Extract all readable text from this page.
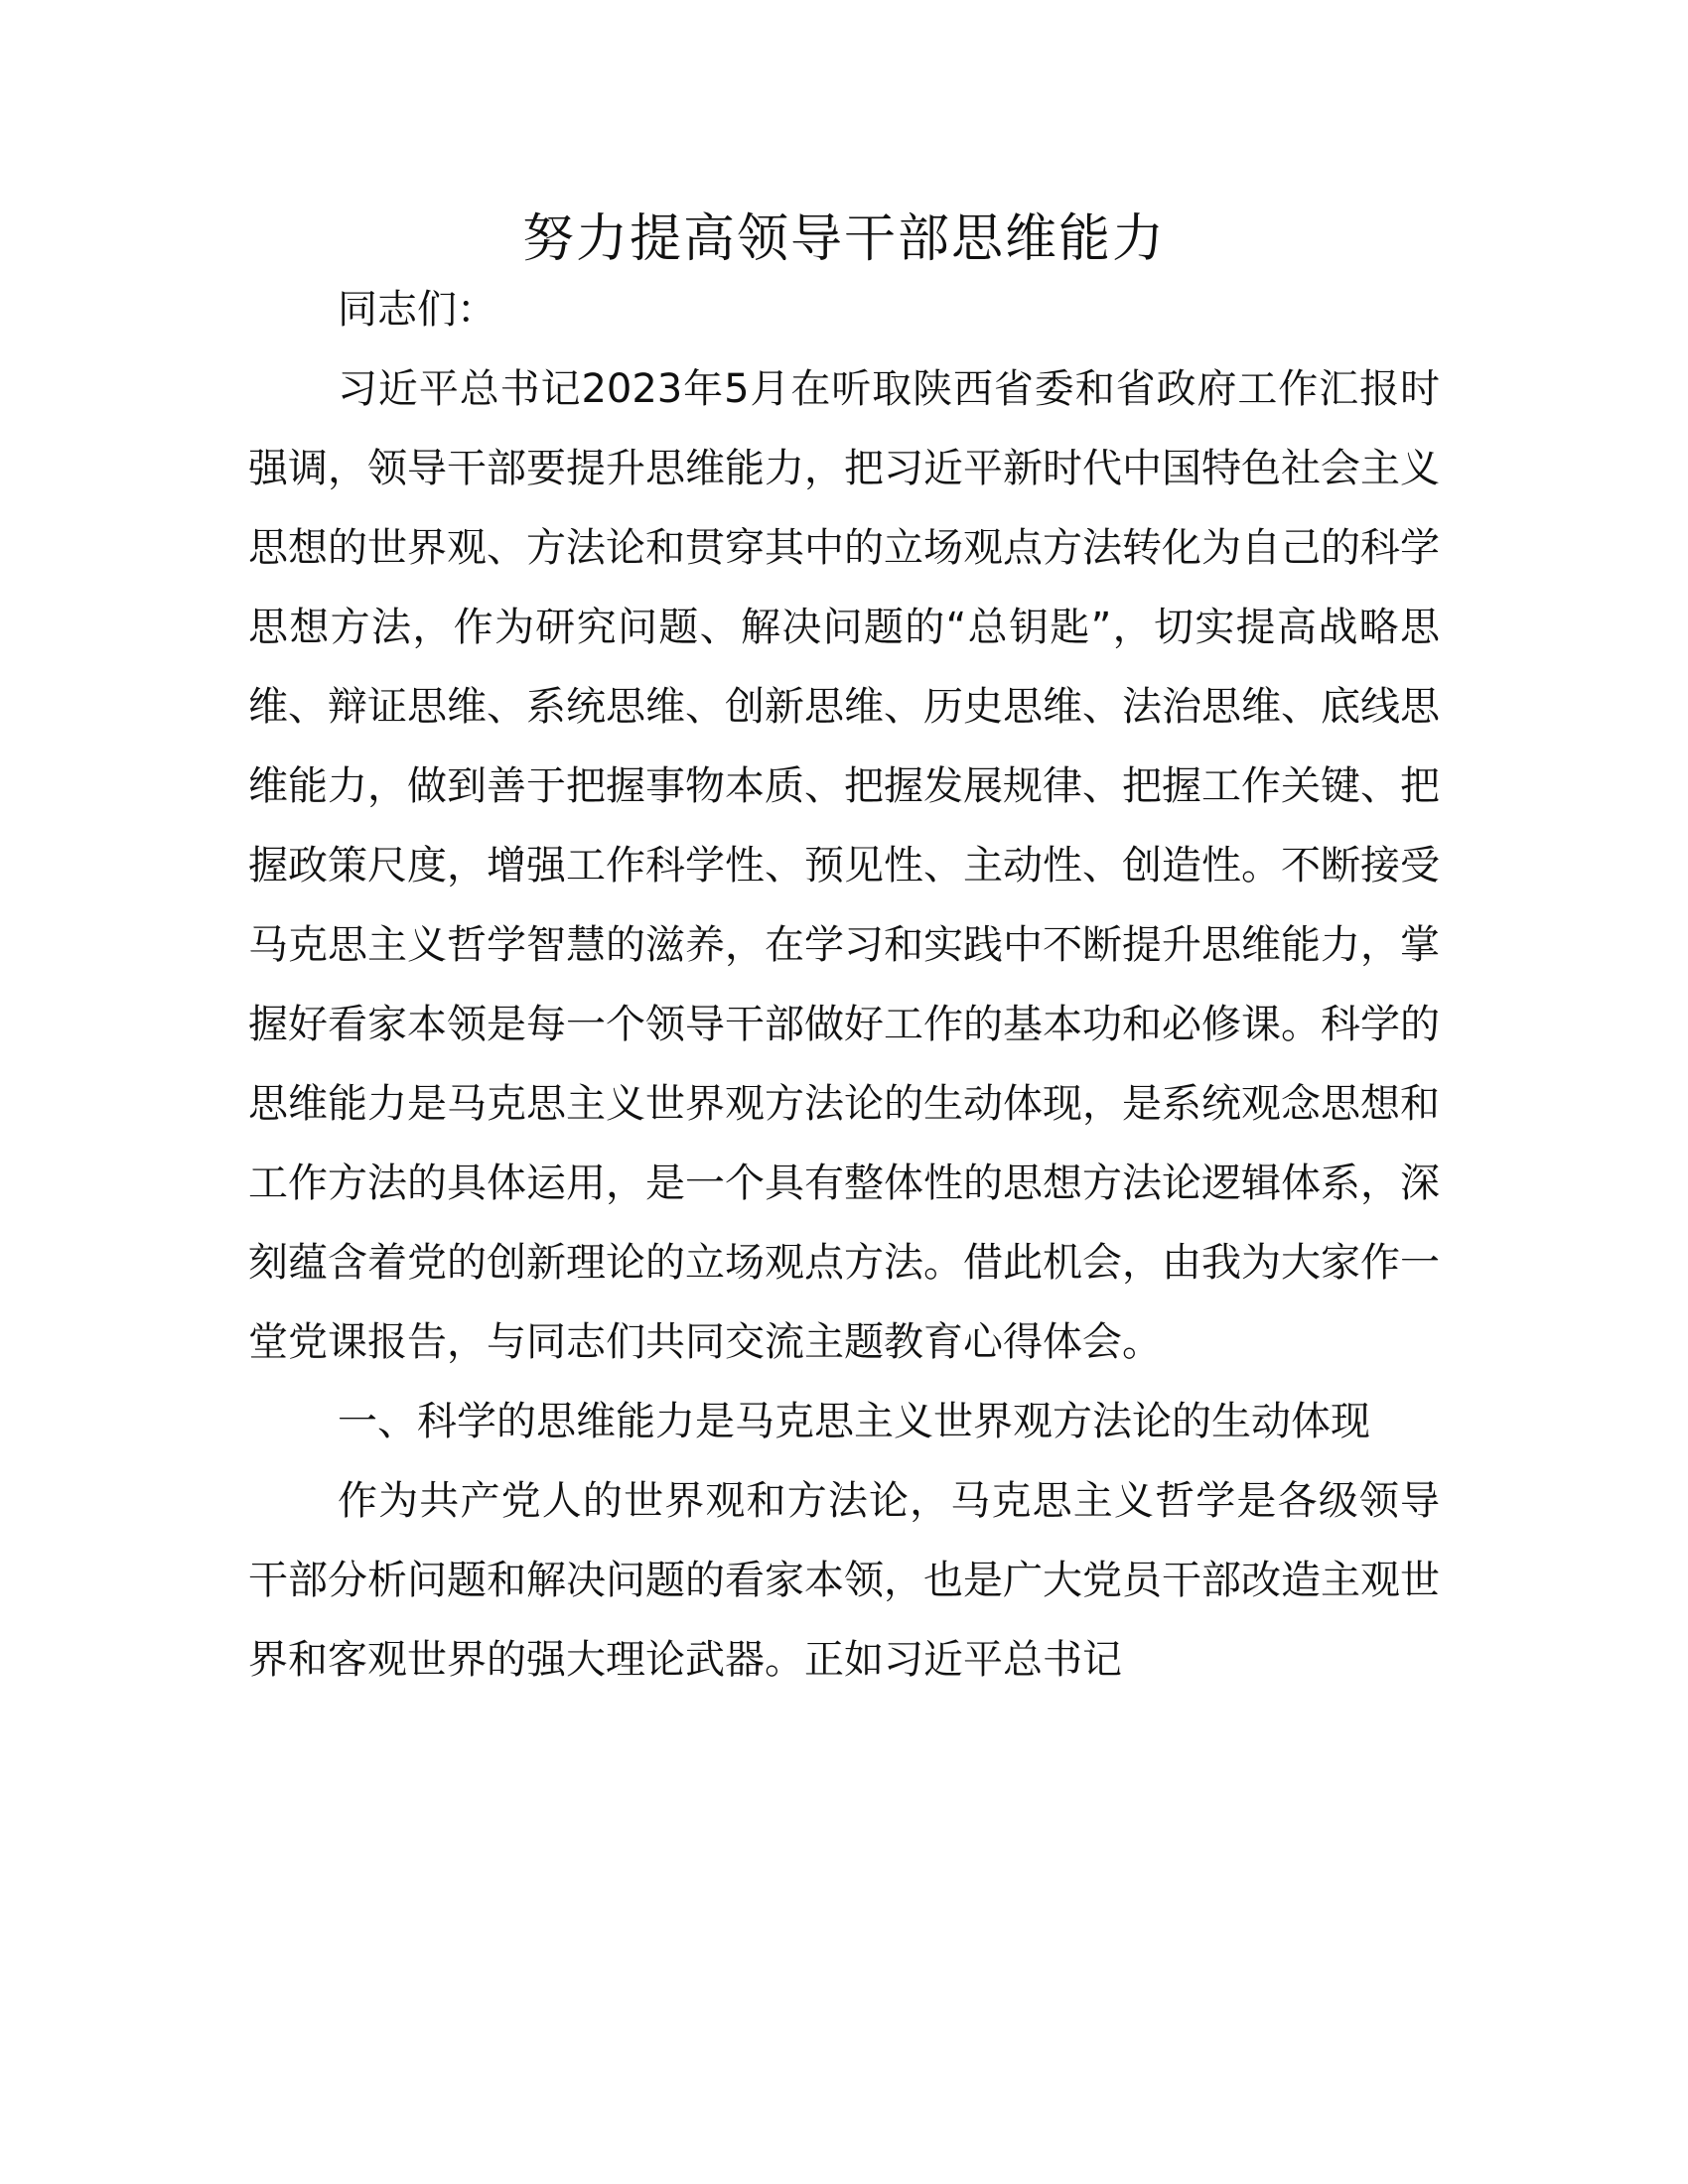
努力提高领导干部思维能力

同志们：

习近平总书记2023年5月在听取陕西省委和省政府工作汇报时强调，领导干部要提升思维能力，把习近平新时代中国特色社会主义思想的世界观、方法论和贯穿其中的立场观点方法转化为自己的科学思想方法，作为研究问题、解决问题的“总钥匙”，切实提高战略思维、辩证思维、系统思维、创新思维、历史思维、法治思维、底线思维能力，做到善于把握事物本质、把握发展规律、把握工作关键、把握政策尺度，增强工作科学性、预见性、主动性、创造性。不断接受马克思主义哲学智慧的滋养，在学习和实践中不断提升思维能力，掌握好看家本领是每一个领导干部做好工作的基本功和必修课。科学的思维能力是马克思主义世界观方法论的生动体现，是系统观念思想和工作方法的具体运用，是一个具有整体性的思想方法论逻辑体系，深刻蕴含着党的创新理论的立场观点方法。借此机会，由我为大家作一堂党课报告，与同志们共同交流主题教育心得体会。

一、科学的思维能力是马克思主义世界观方法论的生动体现

作为共产党人的世界观和方法论，马克思主义哲学是各级领导干部分析问题和解决问题的看家本领，也是广大党员干部改造主观世界和客观世界的强大理论武器。正如习近平总书记
